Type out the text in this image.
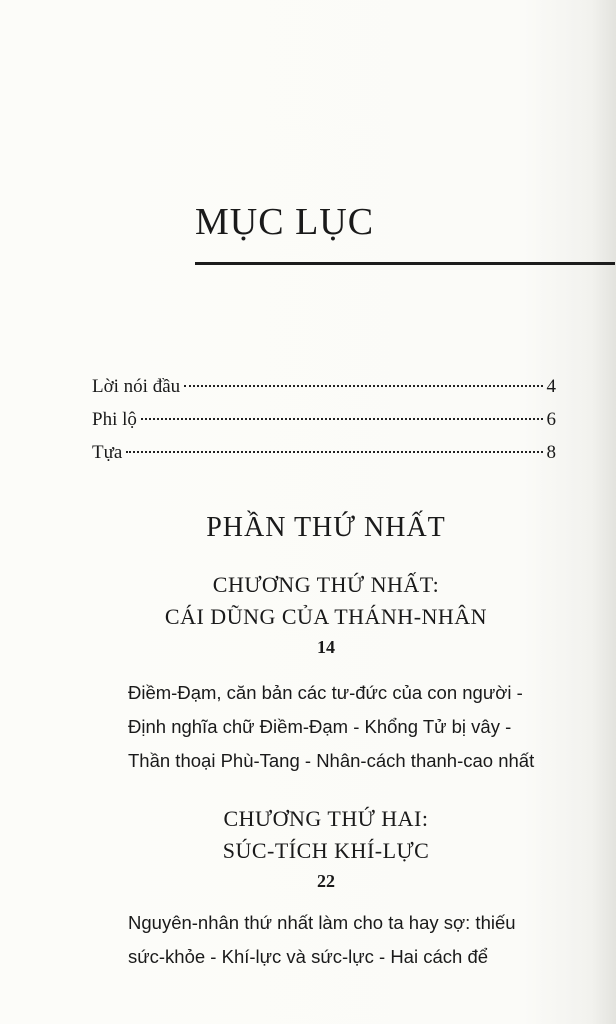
MỤC LỤC
Lời nói đầu	4
Phi lộ	6
Tựa	8
PHẦN THỨ NHẤT
CHƯƠNG THỨ NHẤT:
CÁI DŨNG CỦA THÁNH-NHÂN
14
Điềm-Đạm, căn bản các tư-đức của con người -
Định nghĩa chữ Điềm-Đạm - Khổng Tử bị vây -
Thần thoại Phù-Tang - Nhân-cách thanh-cao nhất
CHƯƠNG THỨ HAI:
SÚC-TÍCH KHÍ-LỰC
22
Nguyên-nhân thứ nhất làm cho ta hay sợ: thiếu
sức-khỏe - Khí-lực và sức-lực - Hai cách để
